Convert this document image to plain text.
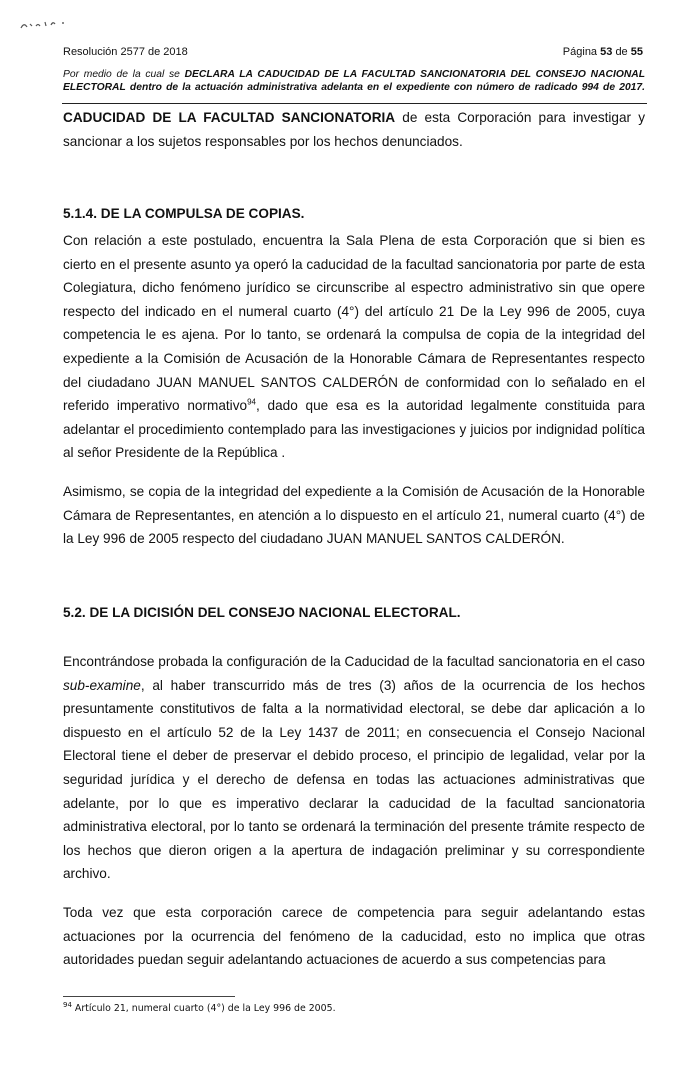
Resolución 2577 de 2018	Página 53 de 55
Por medio de la cual se DECLARA LA CADUCIDAD DE LA FACULTAD SANCIONATORIA DEL CONSEJO NACIONAL ELECTORAL dentro de la actuación administrativa adelanta en el expediente con número de radicado 994 de 2017.

CADUCIDAD DE LA FACULTAD SANCIONATORIA de esta Corporación para investigar y sancionar a los sujetos responsables por los hechos denunciados.

5.1.4. DE LA COMPULSA DE COPIAS.

Con relación a este postulado, encuentra la Sala Plena de esta Corporación que si bien es cierto en el presente asunto ya operó la caducidad de la facultad sancionatoria por parte de esta Colegiatura, dicho fenómeno jurídico se circunscribe al espectro administrativo sin que opere respecto del indicado en el numeral cuarto (4°) del artículo 21 De la Ley 996 de 2005, cuya competencia le es ajena. Por lo tanto, se ordenará la compulsa de copia de la integridad del expediente a la Comisión de Acusación de la Honorable Cámara de Representantes respecto del ciudadano JUAN MANUEL SANTOS CALDERÓN de conformidad con lo señalado en el referido imperativo normativo$^{94}$, dado que esa es la autoridad legalmente constituida para adelantar el procedimiento contemplado para las investigaciones y juicios por indignidad política al señor Presidente de la República .

Asimismo, se copia de la integridad del expediente a la Comisión de Acusación de la Honorable Cámara de Representantes, en atención a lo dispuesto en el artículo 21, numeral cuarto (4°) de la Ley 996 de 2005 respecto del ciudadano JUAN MANUEL SANTOS CALDERÓN.

5.2. DE LA DICISIÓN DEL CONSEJO NACIONAL ELECTORAL.

Encontrándose probada la configuración de la Caducidad de la facultad sancionatoria en el caso sub-examine, al haber transcurrido más de tres (3) años de la ocurrencia de los hechos presuntamente constitutivos de falta a la normatividad electoral, se debe dar aplicación a lo dispuesto en el artículo 52 de la Ley 1437 de 2011; en consecuencia el Consejo Nacional Electoral tiene el deber de preservar el debido proceso, el principio de legalidad, velar por la seguridad jurídica y el derecho de defensa en todas las actuaciones administrativas que adelante, por lo que es imperativo declarar la caducidad de la facultad sancionatoria administrativa electoral, por lo tanto se ordenará la terminación del presente trámite respecto de los hechos que dieron origen a la apertura de indagación preliminar y su correspondiente archivo.

Toda vez que esta corporación carece de competencia para seguir adelantando estas actuaciones por la ocurrencia del fenómeno de la caducidad, esto no implica que otras autoridades puedan seguir adelantando actuaciones de acuerdo a sus competencias para

$^{94}$ Artículo 21, numeral cuarto (4°) de la Ley 996 de 2005.
